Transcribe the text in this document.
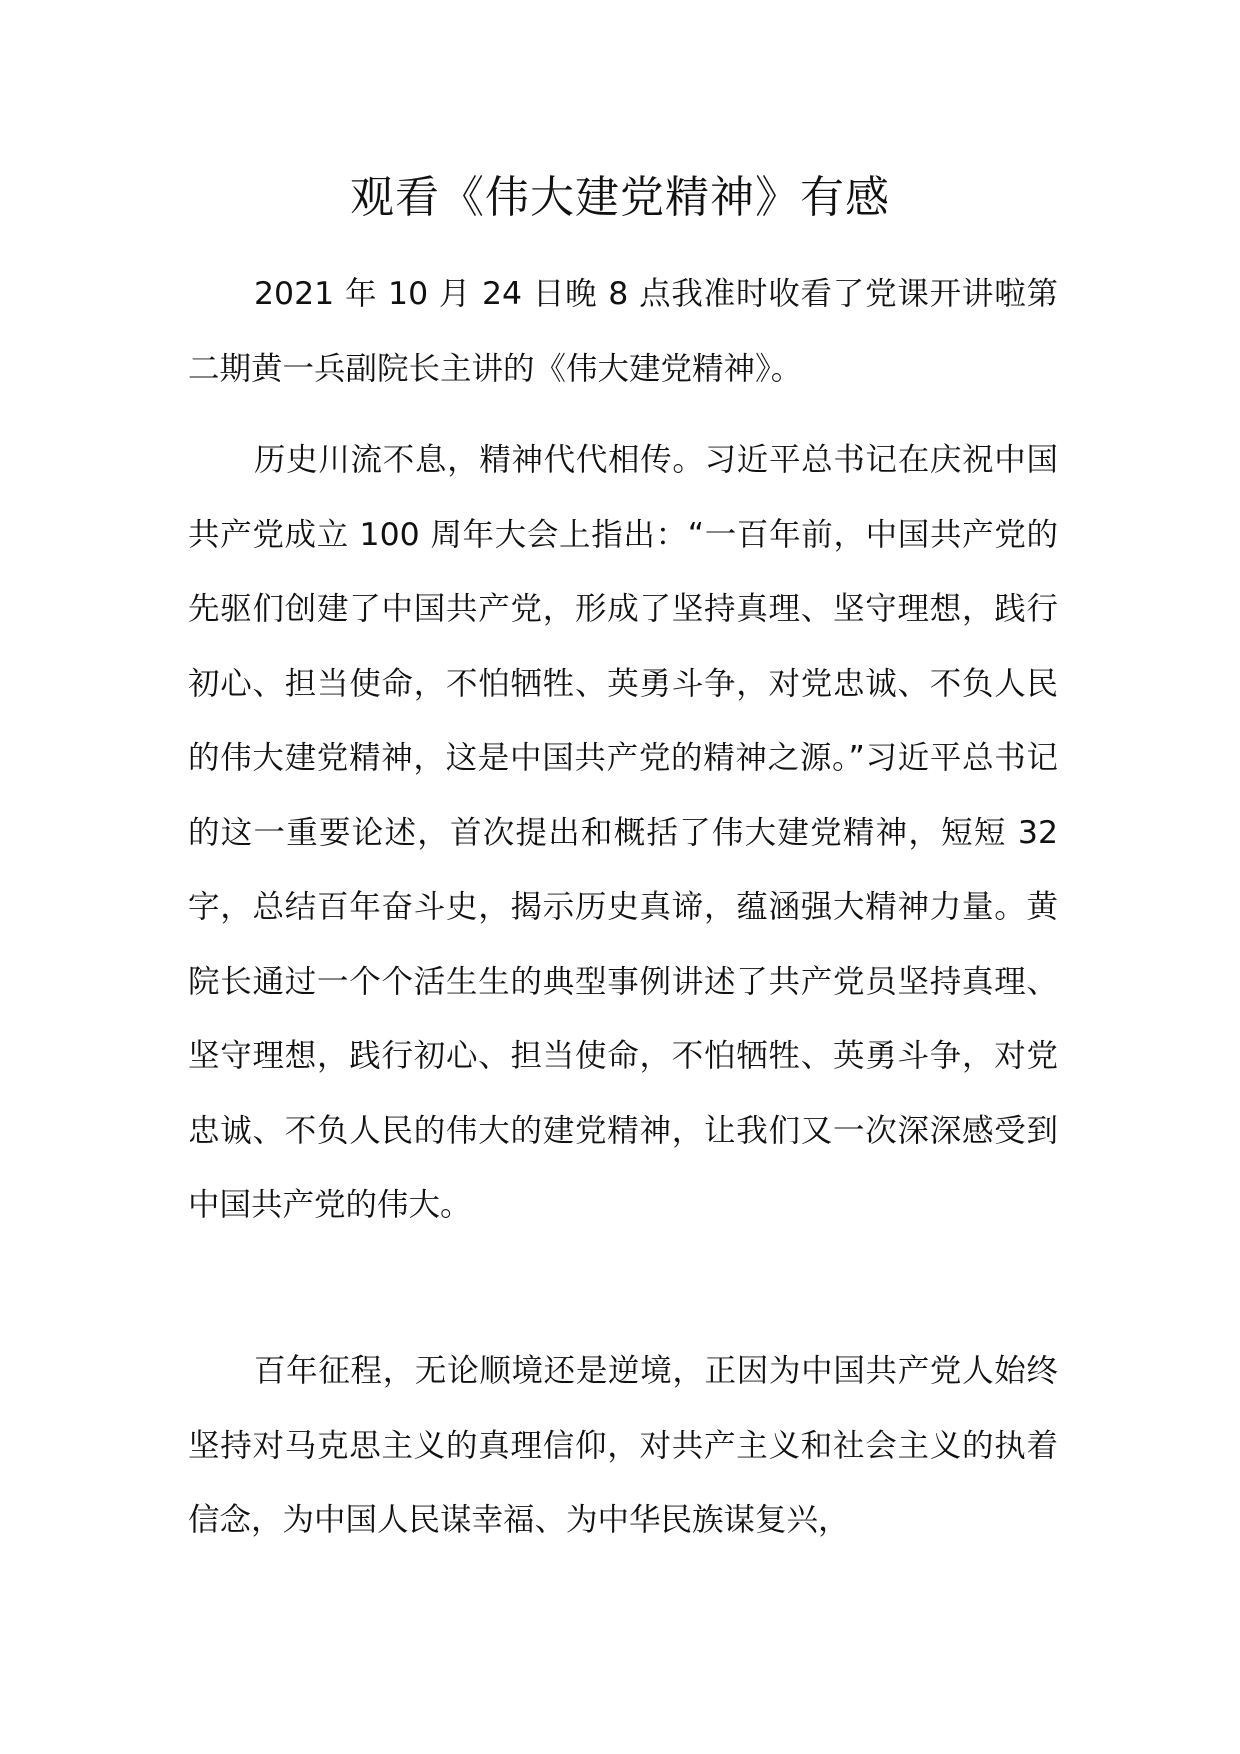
观看《伟大建党精神》有感

2021 年 10 月 24 日晚 8 点我准时收看了党课开讲啦第二期黄一兵副院长主讲的《伟大建党精神》。

历史川流不息，精神代代相传。习近平总书记在庆祝中国共产党成立 100 周年大会上指出：“一百年前，中国共产党的先驱们创建了中国共产党，形成了坚持真理、坚守理想，践行初心、担当使命，不怕牺牲、英勇斗争，对党忠诚、不负人民的伟大建党精神，这是中国共产党的精神之源。”习近平总书记的这一重要论述，首次提出和概括了伟大建党精神，短短 32 字，总结百年奋斗史，揭示历史真谛，蕴涵强大精神力量。黄院长通过一个个活生生的典型事例讲述了共产党员坚持真理、坚守理想，践行初心、担当使命，不怕牺牲、英勇斗争，对党忠诚、不负人民的伟大的建党精神，让我们又一次深深感受到中国共产党的伟大。

百年征程，无论顺境还是逆境，正因为中国共产党人始终坚持对马克思主义的真理信仰，对共产主义和社会主义的执着信念，为中国人民谋幸福、为中华民族谋复兴，
